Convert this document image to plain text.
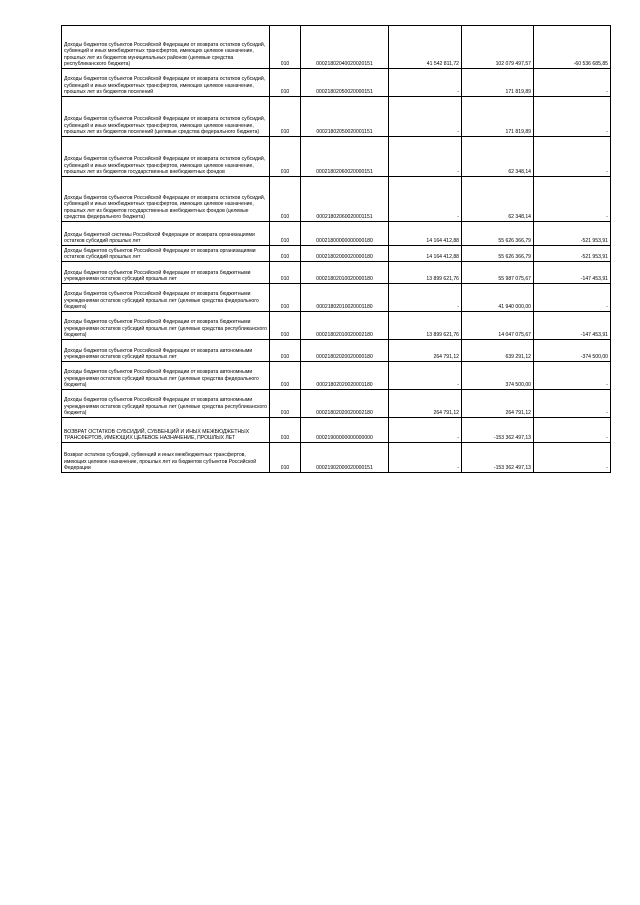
Доходы бюджетов субъектов Российской Федерации от возврата остатков субсидий, субвенций и иных межбюджетных трансфертов, имеющих целевое назначение, прошлых лет из бюджетов муниципальных районов (целевые средства республиканского бюджета)	010	00021802040020020151	41 542 811,72	102 079 497,57	-60 536 685,85
Доходы бюджетов субъектов Российской Федерации от возврата остатков субсидий, субвенций и иных межбюджетных трансфертов, имеющих целевое назначение, прошлых лет из бюджетов поселений	010	00021802050020000151	-	171 819,89	-
Доходы бюджетов субъектов Российской Федерации от возврата остатков субсидий, субвенций и иных межбюджетных трансфертов, имеющих целевое назначение, прошлых лет из бюджетов поселений (целевые средства федерального бюджета)	010	00021802050020001151	-	171 819,89	-
Доходы бюджетов субъектов Российской Федерации от возврата остатков субсидий, субвенций и иных межбюджетных трансфертов, имеющих целевое назначение, прошлых лет из бюджетов государственных внебюджетных фондов	010	00021802060020000151	-	62 348,14	-
Доходы бюджетов субъектов Российской Федерации от возврата остатков субсидий, субвенций и иных межбюджетных трансфертов, имеющих целевое назначение, прошлых лет из бюджетов государственных внебюджетных фондов (целевые средства федерального бюджета)	010	00021802060020001151	-	62 348,14	-
Доходы бюджетной системы Российской Федерации от возврата организациями остатков субсидий прошлых лет	010	00021800000000000180	14 164 412,88	55 626 366,79	-521 953,91
Доходы бюджетов субъектов Российской Федерации от возврата организациями остатков субсидий прошлых лет	010	00021802000020000180	14 164 412,88	55 626 366,79	-521 953,91
Доходы бюджетов субъектов Российской Федерации от возврата бюджетными учреждениями остатков субсидий прошлых лет	010	00021802010020000180	13 899 621,76	55 987 075,67	-147 453,91
Доходы бюджетов субъектов Российской Федерации от возврата бюджетными учреждениями остатков субсидий прошлых лет (целевые средства федерального бюджета)	010	00021802010020001180	-	41 940 000,00	-
Доходы бюджетов субъектов Российской Федерации от возврата бюджетными учреждениями остатков субсидий прошлых лет (целевые средства республиканского бюджета)	010	00021802010020002180	13 899 621,76	14 047 075,67	-147 453,91
Доходы бюджетов субъектов Российской Федерации от возврата автономными учреждениями остатков субсидий прошлых лет	010	00021802020020000180	264 791,12	639 291,12	-374 500,00
Доходы бюджетов субъектов Российской Федерации от возврата автономными учреждениями остатков субсидий прошлых лет (целевые средства федерального бюджета)	010	00021802020020001180	-	374 500,00	-
Доходы бюджетов субъектов Российской Федерации от возврата автономными учреждениями остатков субсидий прошлых лет (целевые средства республиканского бюджета)	010	00021802020020002180	264 791,12	264 791,12	-
ВОЗВРАТ ОСТАТКОВ СУБСИДИЙ, СУБВЕНЦИЙ И ИНЫХ МЕЖБЮДЖЕТНЫХ ТРАНСФЕРТОВ, ИМЕЮЩИХ ЦЕЛЕВОЕ НАЗНАЧЕНИЕ, ПРОШЛЫХ ЛЕТ	010	00021900000000000000	-	-153 362 497,13	-
Возврат остатков субсидий, субвенций и иных межбюджетных трансфертов, имеющих целевое назначение, прошлых лет из бюджетов субъектов Российской Федерации	010	00021902000020000151	-	-153 362 497,13	-
